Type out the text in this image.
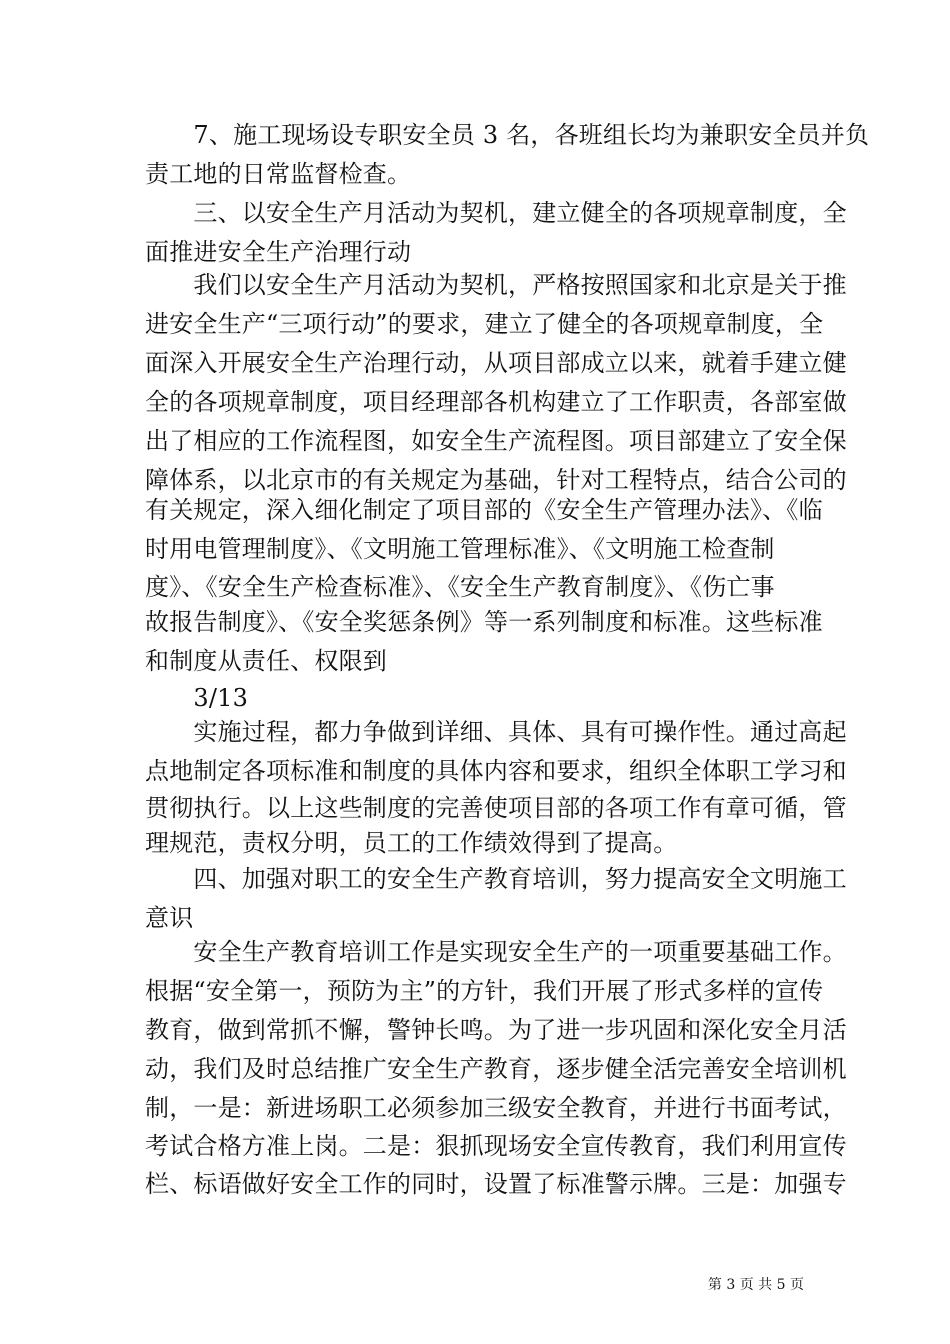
　　7、施工现场设专职安全员 3 名，各班组长均为兼职安全员并负
责工地的日常监督检查。
　　三、以安全生产月活动为契机，建立健全的各项规章制度，全
面推进安全生产治理行动
　　我们以安全生产月活动为契机，严格按照国家和北京是关于推
进安全生产“三项行动”的要求，建立了健全的各项规章制度，全
面深入开展安全生产治理行动，从项目部成立以来，就着手建立健
全的各项规章制度，项目经理部各机构建立了工作职责，各部室做
出了相应的工作流程图，如安全生产流程图。项目部建立了安全保
障体系，以北京市的有关规定为基础，针对工程特点，结合公司的
有关规定，深入细化制定了项目部的《安全生产管理办法》、《临
时用电管理制度》、《文明施工管理标准》、《文明施工检查制
度》、《安全生产检查标准》、《安全生产教育制度》、《伤亡事
故报告制度》、《安全奖惩条例》等一系列制度和标准。这些标准
和制度从责任、权限到
　　3/13
　　实施过程，都力争做到详细、具体、具有可操作性。通过高起
点地制定各项标准和制度的具体内容和要求，组织全体职工学习和
贯彻执行。以上这些制度的完善使项目部的各项工作有章可循，管
理规范，责权分明，员工的工作绩效得到了提高。
　　四、加强对职工的安全生产教育培训，努力提高安全文明施工
意识
　　安全生产教育培训工作是实现安全生产的一项重要基础工作。
根据“安全第一，预防为主”的方针，我们开展了形式多样的宣传
教育，做到常抓不懈，警钟长鸣。为了进一步巩固和深化安全月活
动，我们及时总结推广安全生产教育，逐步健全活完善安全培训机
制，一是：新进场职工必须参加三级安全教育，并进行书面考试，
考试合格方准上岗。二是：狠抓现场安全宣传教育，我们利用宣传
栏、标语做好安全工作的同时，设置了标准警示牌。三是：加强专
第 3 页 共 5 页
